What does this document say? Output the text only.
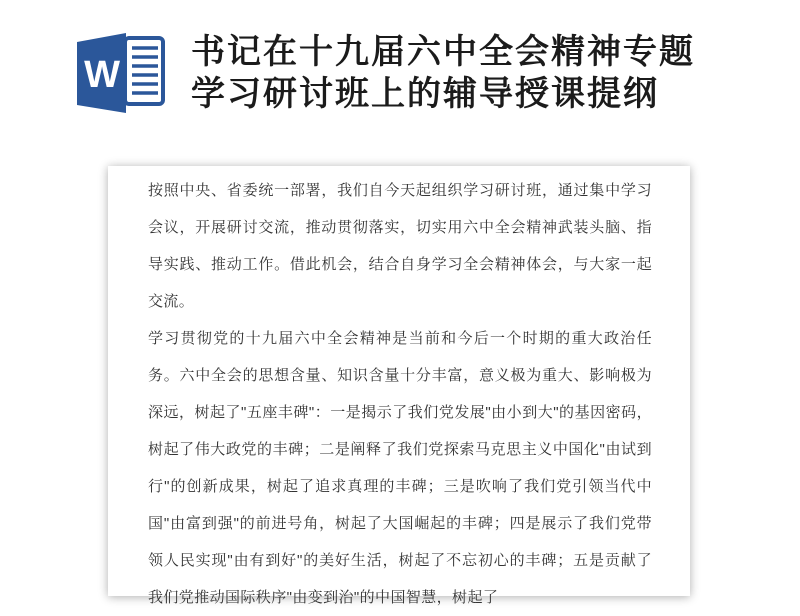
W
书记在十九届六中全会精神专题
学习研讨班上的辅导授课提纲

按照中央、省委统一部署，我们自今天起组织学习研讨班，通过集中学习会议，开展研讨交流，推动贯彻落实，切实用六中全会精神武装头脑、指导实践、推动工作。借此机会，结合自身学习全会精神体会，与大家一起交流。

学习贯彻党的十九届六中全会精神是当前和今后一个时期的重大政治任务。六中全会的思想含量、知识含量十分丰富，意义极为重大、影响极为深远，树起了"五座丰碑"：一是揭示了我们党发展"由小到大"的基因密码，树起了伟大政党的丰碑；二是阐释了我们党探索马克思主义中国化"由试到行"的创新成果，树起了追求真理的丰碑；三是吹响了我们党引领当代中国"由富到强"的前进号角，树起了大国崛起的丰碑；四是展示了我们党带领人民实现"由有到好"的美好生活，树起了不忘初心的丰碑；五是贡献了我们党推动国际秩序"由变到治"的中国智慧，树起了
